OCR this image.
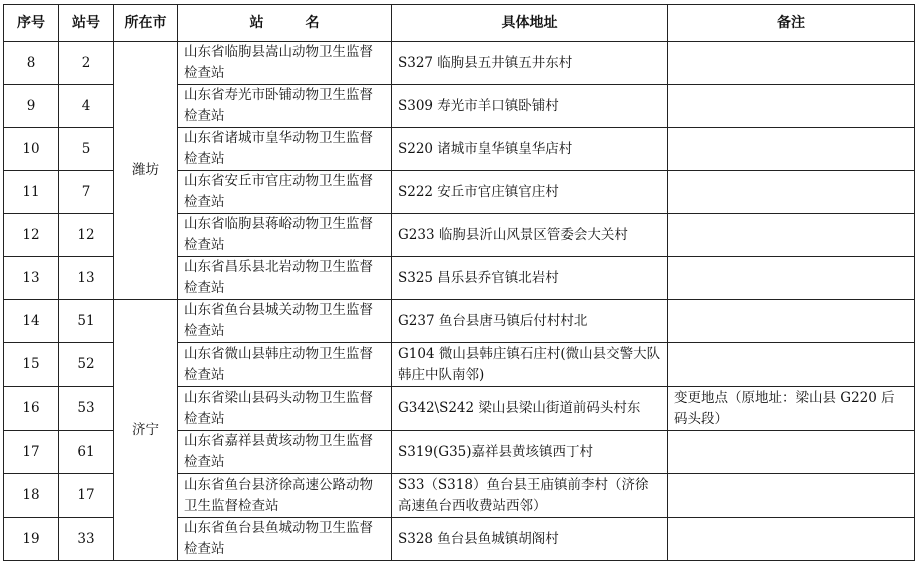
序号	站号	所在市	站　　　名	具体地址	备注
8	2	潍坊	山东省临朐县嵩山动物卫生监督检查站	S327 临朐县五井镇五井东村	
9	4		山东省寿光市卧铺动物卫生监督检查站	S309 寿光市羊口镇卧铺村	
10	5		山东省诸城市皇华动物卫生监督检查站	S220 诸城市皇华镇皇华店村	
11	7		山东省安丘市官庄动物卫生监督检查站	S222 安丘市官庄镇官庄村	
12	12		山东省临朐县蒋峪动物卫生监督检查站	G233 临朐县沂山风景区管委会大关村	
13	13		山东省昌乐县北岩动物卫生监督检查站	S325 昌乐县乔官镇北岩村	
14	51	济宁	山东省鱼台县城关动物卫生监督检查站	G237 鱼台县唐马镇后付村村北	
15	52		山东省微山县韩庄动物卫生监督检查站	G104 微山县韩庄镇石庄村(微山县交警大队韩庄中队南邻)	
16	53		山东省梁山县码头动物卫生监督检查站	G342\S242 梁山县梁山街道前码头村东	变更地点（原地址：梁山县 G220 后码头段）
17	61		山东省嘉祥县黄垓动物卫生监督检查站	S319(G35)嘉祥县黄垓镇西丁村	
18	17		山东省鱼台县济徐高速公路动物卫生监督检查站	S33（S318）鱼台县王庙镇前李村（济徐高速鱼台西收费站西邻）	
19	33		山东省鱼台县鱼城动物卫生监督检查站	S328 鱼台县鱼城镇胡阁村	
